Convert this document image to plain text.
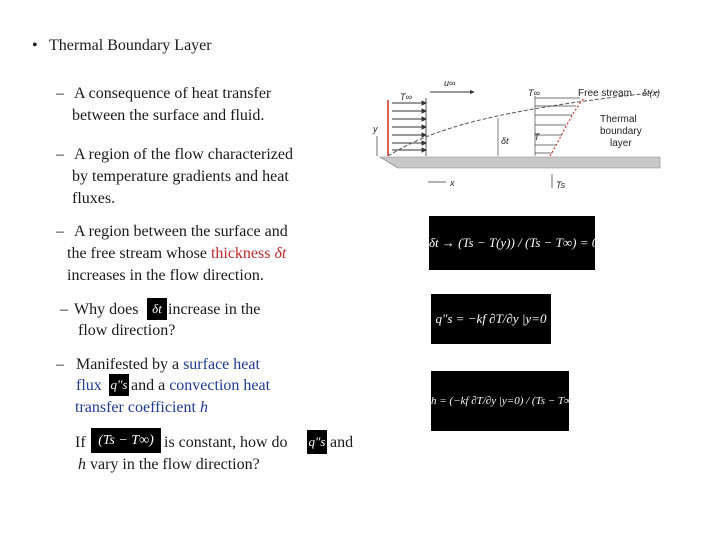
• Thermal Boundary Layer
– A consequence of heat transfer
between the surface and fluid.
– A region of the flow characterized
by temperature gradients and heat
fluxes.
– A region between the surface and
the free stream whose thickness δt
increases in the flow direction.
– Why does	δt increase in the
flow direction?
– Manifested by a surface heat
flux q″s and a convection heat
transfer coefficient h
If (Ts − T∞) is constant, how do q″s and
h vary in the flow direction?
u∞
T∞	T∞	Free stream δt(x)
T
δt
Thermal
boundary
layer
y
x	Ts
δt → (Ts − T(y)) / (Ts − T∞) = 0.99
q″s = −kf ∂T/∂y |y=0
h = (−kf ∂T/∂y |y=0) / (Ts − T∞)
